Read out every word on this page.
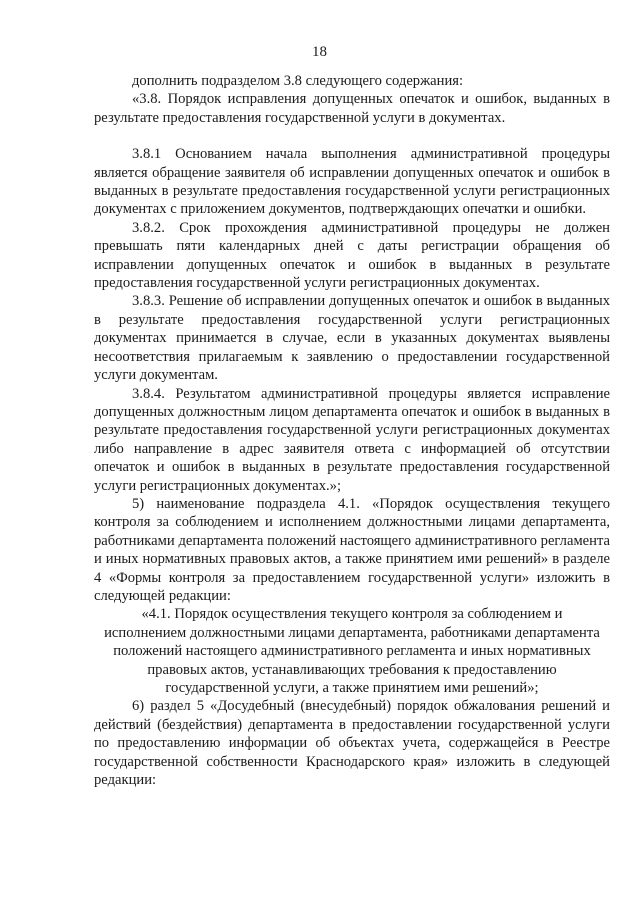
18

дополнить подразделом 3.8 следующего содержания:

«3.8. Порядок исправления допущенных опечаток и ошибок, выданных в результате предоставления государственной услуги в документах.

3.8.1 Основанием начала выполнения административной процедуры является обращение заявителя об исправлении допущенных опечаток и ошибок в выданных в результате предоставления государственной услуги регистрационных документах с приложением документов, подтверждающих опечатки и ошибки.

3.8.2. Срок прохождения административной процедуры не должен превышать пяти календарных дней с даты регистрации обращения об исправлении допущенных опечаток и ошибок в выданных в результате предоставления государственной услуги регистрационных документах.

3.8.3. Решение об исправлении допущенных опечаток и ошибок в выданных в результате предоставления государственной услуги регистрационных документах принимается в случае, если в указанных документах выявлены несоответствия прилагаемым к заявлению о предоставлении государственной услуги документам.

3.8.4. Результатом административной процедуры является исправление допущенных должностным лицом департамента опечаток и ошибок в выданных в результате предоставления государственной услуги регистрационных документах либо направление в адрес заявителя ответа с информацией об отсутствии опечаток и ошибок в выданных в результате предоставления государственной услуги регистрационных документах.»;

5) наименование подраздела 4.1. «Порядок осуществления текущего контроля за соблюдением и исполнением должностными лицами департамента, работниками департамента положений настоящего административного регламента и иных нормативных правовых актов, а также принятием ими решений» в разделе 4 «Формы контроля за предоставлением государственной услуги» изложить в следующей редакции:

«4.1. Порядок осуществления текущего контроля за соблюдением и исполнением должностными лицами департамента, работниками департамента положений настоящего административного регламента и иных нормативных правовых актов, устанавливающих требования к предоставлению государственной услуги, а также принятием ими решений»;

6) раздел 5 «Досудебный (внесудебный) порядок обжалования решений и действий (бездействия) департамента в предоставлении государственной услуги по предоставлению информации об объектах учета, содержащейся в Реестре государственной собственности Краснодарского края» изложить в следующей редакции:
